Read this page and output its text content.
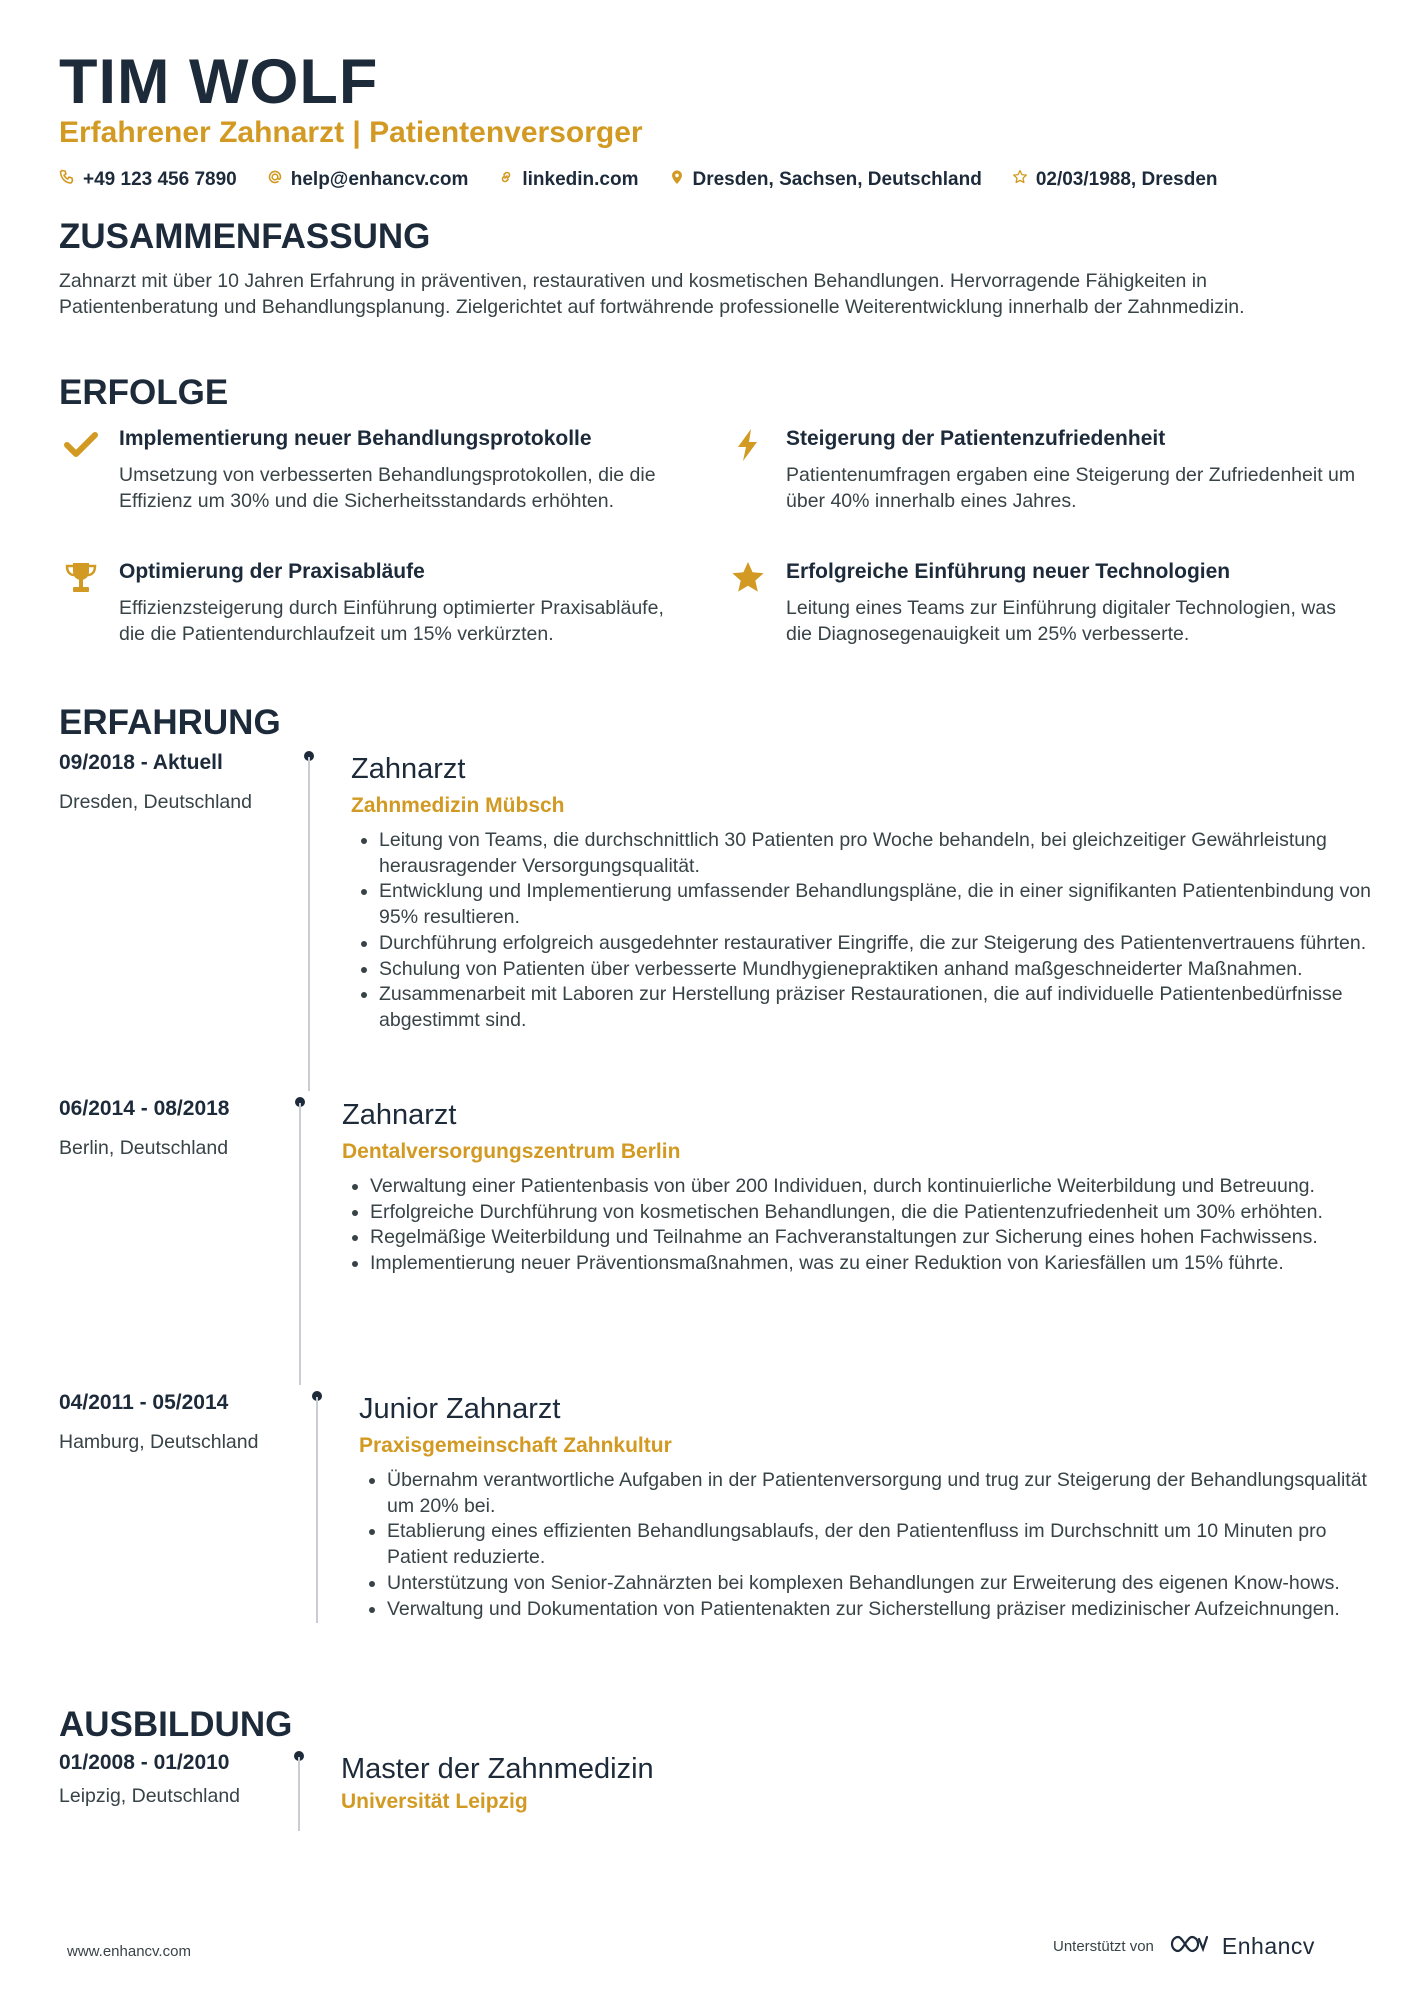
TIM WOLF
Erfahrener Zahnarzt | Patientenversorger
+49 123 456 7890	help@enhancv.com	linkedin.com	Dresden, Sachsen, Deutschland	02/03/1988, Dresden
ZUSAMMENFASSUNG
Zahnarzt mit über 10 Jahren Erfahrung in präventiven, restaurativen und kosmetischen Behandlungen. Hervorragende Fähigkeiten in Patientenberatung und Behandlungsplanung. Zielgerichtet auf fortwährende professionelle Weiterentwicklung innerhalb der Zahnmedizin.
ERFOLGE
Implementierung neuer Behandlungsprotokolle
Umsetzung von verbesserten Behandlungsprotokollen, die die Effizienz um 30% und die Sicherheitsstandards erhöhten.
Steigerung der Patientenzufriedenheit
Patientenumfragen ergaben eine Steigerung der Zufriedenheit um über 40% innerhalb eines Jahres.
Optimierung der Praxisabläufe
Effizienzsteigerung durch Einführung optimierter Praxisabläufe, die die Patientendurchlaufzeit um 15% verkürzten.
Erfolgreiche Einführung neuer Technologien
Leitung eines Teams zur Einführung digitaler Technologien, was die Diagnosegenauigkeit um 25% verbesserte.
ERFAHRUNG
09/2018 - Aktuell
Dresden, Deutschland
Zahnarzt
Zahnmedizin Mübsch
• Leitung von Teams, die durchschnittlich 30 Patienten pro Woche behandeln, bei gleichzeitiger Gewährleistung herausragender Versorgungsqualität.
• Entwicklung und Implementierung umfassender Behandlungspläne, die in einer signifikanten Patientenbindung von 95% resultieren.
• Durchführung erfolgreich ausgedehnter restaurativer Eingriffe, die zur Steigerung des Patientenvertrauens führten.
• Schulung von Patienten über verbesserte Mundhygienepraktiken anhand maßgeschneiderter Maßnahmen.
• Zusammenarbeit mit Laboren zur Herstellung präziser Restaurationen, die auf individuelle Patientenbedürfnisse abgestimmt sind.
06/2014 - 08/2018
Berlin, Deutschland
Zahnarzt
Dentalversorgungszentrum Berlin
• Verwaltung einer Patientenbasis von über 200 Individuen, durch kontinuierliche Weiterbildung und Betreuung.
• Erfolgreiche Durchführung von kosmetischen Behandlungen, die die Patientenzufriedenheit um 30% erhöhten.
• Regelmäßige Weiterbildung und Teilnahme an Fachveranstaltungen zur Sicherung eines hohen Fachwissens.
• Implementierung neuer Präventionsmaßnahmen, was zu einer Reduktion von Kariesfällen um 15% führte.
04/2011 - 05/2014
Hamburg, Deutschland
Junior Zahnarzt
Praxisgemeinschaft Zahnkultur
• Übernahm verantwortliche Aufgaben in der Patientenversorgung und trug zur Steigerung der Behandlungsqualität um 20% bei.
• Etablierung eines effizienten Behandlungsablaufs, der den Patientenfluss im Durchschnitt um 10 Minuten pro Patient reduzierte.
• Unterstützung von Senior-Zahnärzten bei komplexen Behandlungen zur Erweiterung des eigenen Know-hows.
• Verwaltung und Dokumentation von Patientenakten zur Sicherstellung präziser medizinischer Aufzeichnungen.
AUSBILDUNG
01/2008 - 01/2010
Leipzig, Deutschland
Master der Zahnmedizin
Universität Leipzig
www.enhancv.com	Unterstützt von	Enhancv
